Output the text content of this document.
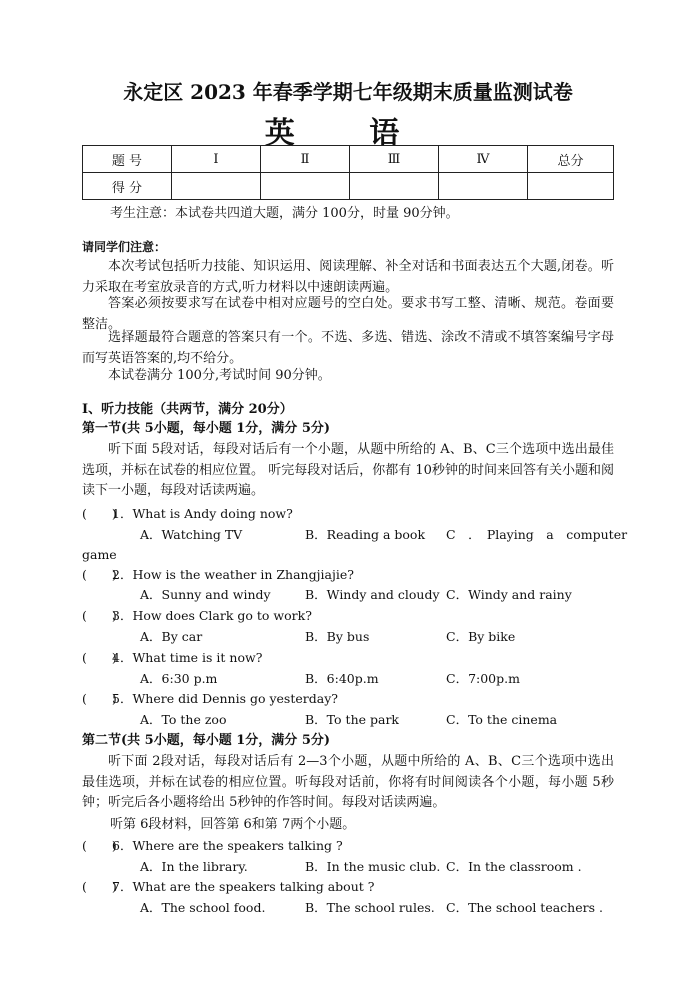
永定区 2023 年春季学期七年级期末质量监测试卷
英 语
题 号	Ⅰ	Ⅱ	Ⅲ	Ⅳ	总分
得 分					
考生注意：本试卷共四道大题，满分 100分，时量 90分钟。
请同学们注意：
本次考试包括听力技能、知识运用、阅读理解、补全对话和书面表达五个大题,闭卷。听力采取在考室放录音的方式,听力材料以中速朗读两遍。
答案必须按要求写在试卷中相对应题号的空白处。要求书写工整、清晰、规范。卷面要整洁。
选择题最符合题意的答案只有一个。不选、多选、错选、涂改不清或不填答案编号字母而写英语答案的,均不给分。
本试卷满分 100分,考试时间 90分钟。
Ⅰ、听力技能（共两节，满分 20分）
第一节(共 5小题，每小题 1分，满分 5分)
听下面 5段对话，每段对话后有一个小题，从题中所给的 A、B、C三个选项中选出最佳选项，并标在试卷的相应位置。 听完每段对话后，你都有 10秒钟的时间来回答有关小题和阅读下一小题，每段对话读两遍。
(　　)1．What is Andy doing now?
A．Watching TV	B．Reading a book C　．　Playing　a　computer
game
(　　)2．How is the weather in Zhangjiajie?
A．Sunny and windy	B．Windy and cloudy C．Windy and rainy
(　　)3．How does Clark go to work?
A．By car	B．By bus	C．By bike
(　　)4．What time is it now?
A．6:30 p.m	B．6:40p.m	C．7:00p.m
(　　)5．Where did Dennis go yesterday?
A．To the zoo	B．To the park	C．To the cinema
第二节(共 5小题，每小题 1分，满分 5分)
听下面 2段对话，每段对话后有 2—3个小题，从题中所给的 A、B、C三个选项中选出最佳选项，并标在试卷的相应位置。听每段对话前，你将有时间阅读各个小题，每小题 5秒钟；听完后各小题将给出 5秒钟的作答时间。每段对话读两遍。
听第 6段材料，回答第 6和第 7两个小题。
(　　)6．Where are the speakers talking ?
A．In the library.	B．In the music club. C．In the classroom .
(　　)7．What are the speakers talking about ?
A．The school food.	B．The school rules. C．The school teachers .
